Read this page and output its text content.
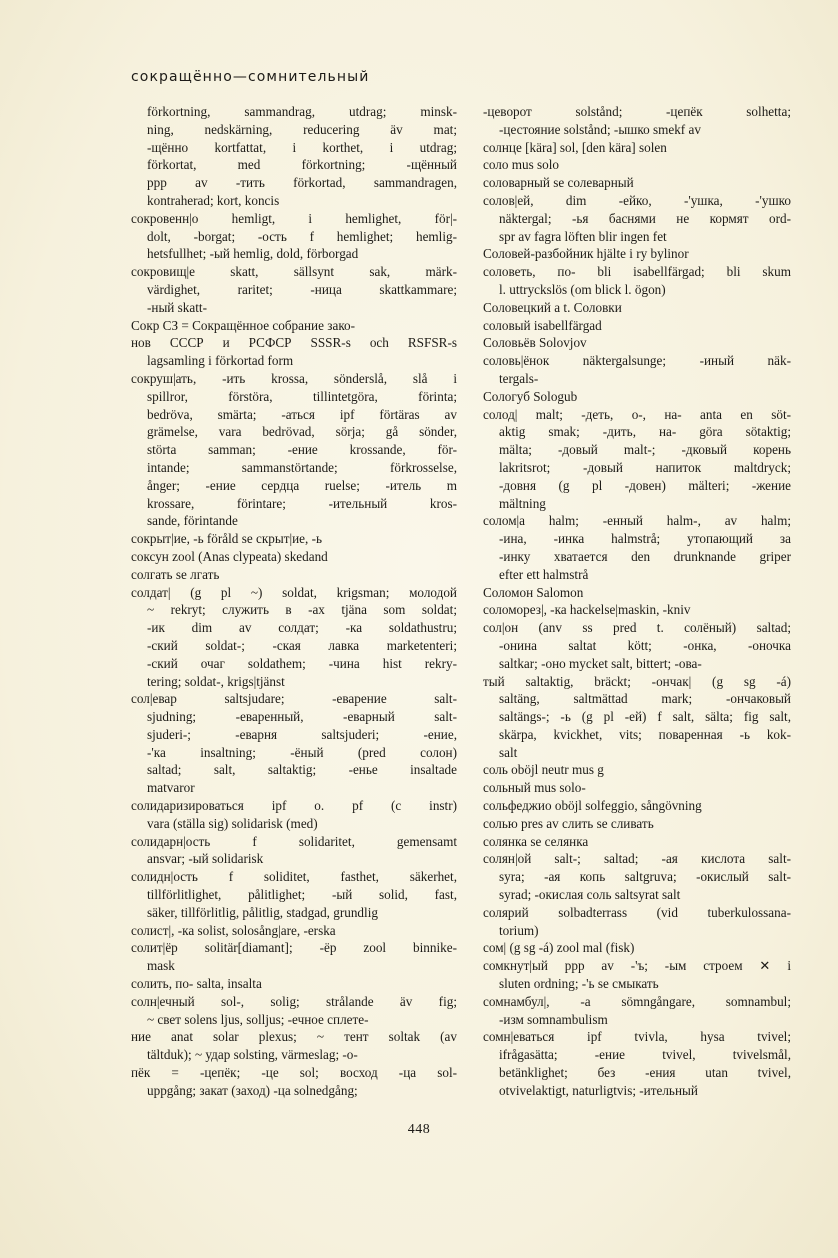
сокращённо—сомнительный
förkortning, sammandrag, utdrag; minsk-
ning, nedskärning, reducering äv mat;
-щённо kortfattat, i korthet, i utdrag;
förkortat, med förkortning; -щённый
ppp av -тить förkortad, sammandragen,
kontraherad; kort, koncis
сокровенн|о hemligt, i hemlighet, för|-
dolt, -borgat; -ость f hemlighet; hemlig-
hetsfullhet; -ый hemlig, dold, förborgad
сокровищ|е skatt, sällsynt sak, märk-
värdighet, raritet; -ница skattkammare;
-ный skatt-
Сокр СЗ = Сокращённое собрание зако-
нов СССР и РСФСР SSSR-s och RSFSR-s
lagsamling i förkortad form
сокруш|ать, -ить krossa, sönderslå, slå i
spillror, förstöra, tillintetgöra, förinta;
bedröva, smärta; -аться ipf förtäras av
grämelse, vara bedrövad, sörja; gå sönder,
störta samman; -ение krossande, för-
intande; sammanstörtande; förkrosselse,
ånger; -ение сердца ruelse; -итель m
krossare, förintare; -ительный kros-
sande, förintande
сокрыт|ие, -ь föråld se скрыт|ие, -ь
соксун zool (Anas clypeata) skedand
солгать se лгать
солдат| (g pl ~) soldat, krigsman; молодой
~ rekryt; служить в -ах tjäna som soldat;
-ик dim av солдат; -ка soldathustru;
-ский soldat-; -ская лавка marketenteri;
-ский очаг soldathem; -чина hist rekry-
tering; soldat-, krigs|tjänst
сол|евар saltsjudare; -еварение salt-
sjudning; -еваренный, -еварный salt-
sjuderi-; -еварня saltsjuderi; -ение,
-'ка insaltning; -ёный (pred солон)
saltad; salt, saltaktig; -енье insaltade
matvaror
солидаризироваться ipf o. pf (с instr)
vara (ställa sig) solidarisk (med)
солидарн|ость f solidaritet, gemensamt
ansvar; -ый solidarisk
солидн|ость f soliditet, fasthet, säkerhet,
tillförlitlighet, pålitlighet; -ый solid, fast,
säker, tillförlitlig, pålitlig, stadgad, grundlig
солист|, -ка solist, solosång|are, -erska
солит|ёр solitär[diamant]; -ёр zool binnike-
mask
солить, по- salta, insalta
солн|ечный sol-, solig; strålande äv fig;
~ свет solens ljus, solljus; -ечное сплете-
ние anat solar plexus; ~ тент soltak (av
tältduk); ~ удар solsting, värmeslag; -о-
пёк = -цепёк; -це sol; восход -ца sol-
uppgång; закат (заход) -ца solnedgång;
-цеворот solstånd; -цепёк solhetta;
-цестояние solstånd; -ышко smekf av
солнце [kära] sol, [den kära] solen
соло mus solo
соловарный se солеварный
солов|ей, dim -ейко, -'ушка, -'ушко
näktergal; -ья баснями не кормят ord-
spr av fagra löften blir ingen fet
Соловей-разбойник hjälte i ry bylinor
соловеть, по- bli isabellfärgad; bli skum
l. uttryckslös (om blick l. ögon)
Соловецкий a t. Соловки
соловый isabellfärgad
Соловьёв Solovjov
соловь|ёнок näktergalsunge; -иный näk-
tergals-
Сологуб Sologub
солод| malt; -деть, о-, на- anta en söt-
aktig smak; -дить, на- göra sötaktig;
mälta; -довый malt-; -дковый корень
lakritsrot; -довый напиток maltdryck;
-довня (g pl -довен) mälteri; -жение
mältning
солом|а halm; -енный halm-, av halm;
-ина, -инка halmstrå; утопающий за
-инку хватается den drunknande griper
efter ett halmstrå
Соломон Salomon
соломорез|, -ка hackelse|maskin, -kniv
сол|он (anv ss pred t. солёный) saltad;
-онина saltat kött; -онка, -оночка
saltkar; -оно mycket salt, bittert; -ова-
тый saltaktig, bräckt; -ончак| (g sg -á)
saltäng, saltmättad mark; -ончаковый
saltängs-; -ь (g pl -ей) f salt, sälta; fig salt,
skärpa, kvickhet, vits; поваренная -ь kok-
salt
соль oböjl neutr mus g
сольный mus solo-
сольфеджио oböjl solfeggio, sångövning
солью pres av слить se сливать
солянка se селянка
солян|ой salt-; saltad; -ая кислота salt-
syra; -ая копь saltgruva; -окислый salt-
syrad; -окислая соль saltsyrat salt
солярий solbadterrass (vid tuberkulossana-
torium)
сом| (g sg -á) zool mal (fisk)
сомкнут|ый ppp av -'ъ; -ым строем ✕ i
sluten ordning; -'ь se смыкать
сомнамбул|, -а sömngångare, somnambul;
-изм somnambulism
сомн|еваться ipf tvivla, hysa tvivel;
ifrågasätta; -ение tvivel, tvivelsmål,
betänklighet; без -ения utan tvivel,
otvivelaktigt, naturligtvis; -ительный
448
